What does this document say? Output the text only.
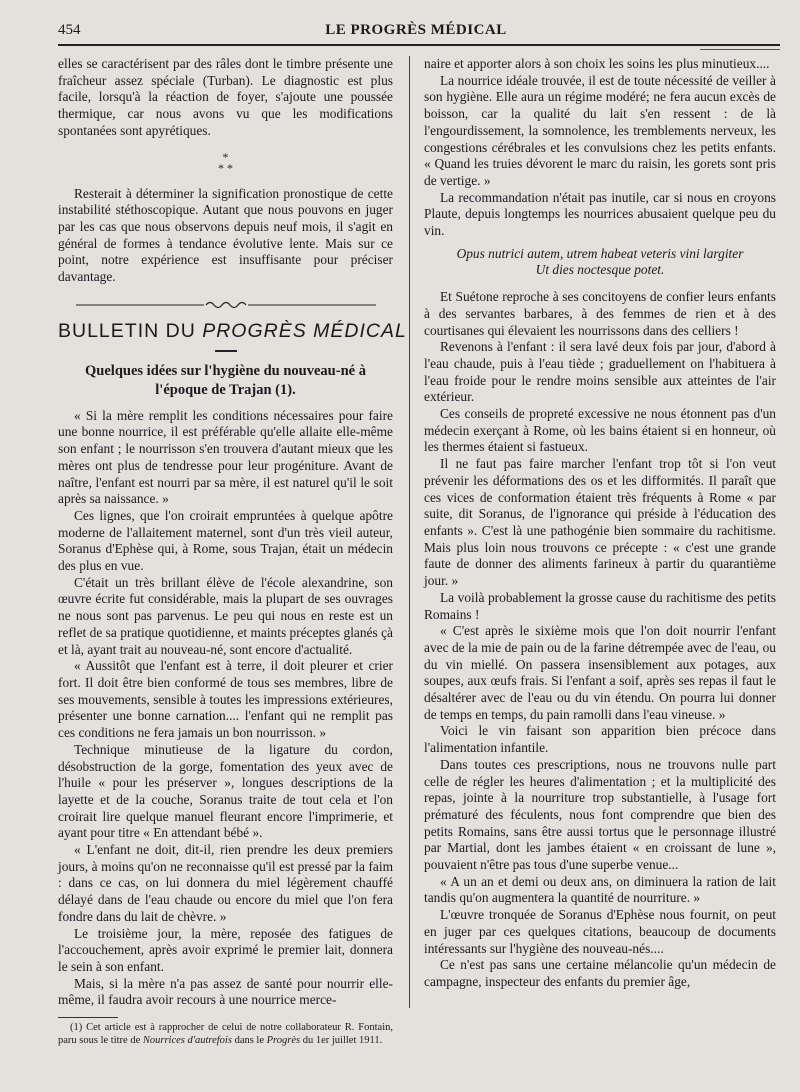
454	LE PROGRÈS MÉDICAL

elles se caractérisent par des râles dont le timbre présente une fraîcheur assez spéciale (Turban). Le diagnostic est plus facile, lorsqu'à la réaction de foyer, s'ajoute une poussée thermique, car nous avons vu que les modifications spontanées sont apyrétiques.

*
* *

Resterait à déterminer la signification pronostique de cette instabilité stéthoscopique. Autant que nous pouvons en juger par les cas que nous observons depuis neuf mois, il s'agit en général de formes à tendance évolutive lente. Mais sur ce point, notre expérience est insuffisante pour préciser davantage.

BULLETIN DU PROGRÈS MÉDICAL
Quelques idées sur l'hygiène du nouveau-né à l'époque de Trajan (1).

« Si la mère remplit les conditions nécessaires pour faire une bonne nourrice, il est préférable qu'elle allaite elle-même son enfant ; le nourrisson s'en trouvera d'autant mieux que les mères ont plus de tendresse pour leur progéniture. Avant de naître, l'enfant est nourri par sa mère, il est naturel qu'il le soit après sa naissance. »

Ces lignes, que l'on croirait empruntées à quelque apôtre moderne de l'allaitement maternel, sont d'un très vieil auteur, Soranus d'Ephèse qui, à Rome, sous Trajan, était un médecin des plus en vue.

C'était un très brillant élève de l'école alexandrine, son œuvre écrite fut considérable, mais la plupart de ses ouvrages ne nous sont pas parvenus. Le peu qui nous en reste est un reflet de sa pratique quotidienne, et maints préceptes glanés çà et là, ayant trait au nouveau-né, sont encore d'actualité.

« Aussitôt que l'enfant est à terre, il doit pleurer et crier fort. Il doit être bien conformé de tous ses membres, libre de ses mouvements, sensible à toutes les impressions extérieures, présenter une bonne carnation.... l'enfant qui ne remplit pas ces conditions ne fera jamais un bon nourrisson. »

Technique minutieuse de la ligature du cordon, désobstruction de la gorge, fomentation des yeux avec de l'huile « pour les préserver », longues descriptions de la layette et de la couche, Soranus traite de tout cela et l'on croirait lire quelque manuel fleurant encore l'imprimerie, et ayant pour titre « En attendant bébé ».

« L'enfant ne doit, dit-il, rien prendre les deux premiers jours, à moins qu'on ne reconnaisse qu'il est pressé par la faim : dans ce cas, on lui donnera du miel légèrement chauffé délayé dans de l'eau chaude ou encore du miel que l'on fera fondre dans du lait de chèvre. »

Le troisième jour, la mère, reposée des fatigues de l'accouchement, après avoir exprimé le premier lait, donnera le sein à son enfant.

Mais, si la mère n'a pas assez de santé pour nourrir elle-même, il faudra avoir recours à une nourrice merce-

(1) Cet article est à rapprocher de celui de notre collaborateur R. Fontain, paru sous le titre de Nourrices d'autrefois dans le Progrès du 1er juillet 1911.

naire et apporter alors à son choix les soins les plus minutieux....

La nourrice idéale trouvée, il est de toute nécessité de veiller à son hygiène. Elle aura un régime modéré; ne fera aucun excès de boisson, car la qualité du lait s'en ressent : de là l'engourdissement, la somnolence, les tremblements nerveux, les congestions cérébrales et les convulsions chez les petits enfants. « Quand les truies dévorent le marc du raisin, les gorets sont pris de vertige. »

La recommandation n'était pas inutile, car si nous en croyons Plaute, depuis longtemps les nourrices abusaient quelque peu du vin.

Opus nutrici autem, utrem habeat veteris vini largiter
Ut dies noctesque potet.

Et Suétone reproche à ses concitoyens de confier leurs enfants à des servantes barbares, à des femmes de rien et à des courtisanes qui élevaient les nourrissons dans des celliers !

Revenons à l'enfant : il sera lavé deux fois par jour, d'abord à l'eau chaude, puis à l'eau tiède ; graduellement on l'habituera à l'eau froide pour le rendre moins sensible aux atteintes de l'air extérieur.

Ces conseils de propreté excessive ne nous étonnent pas d'un médecin exerçant à Rome, où les bains étaient si en honneur, où les thermes étaient si fastueux.

Il ne faut pas faire marcher l'enfant trop tôt si l'on veut prévenir les déformations des os et les difformités. Il paraît que ces vices de conformation étaient très fréquents à Rome « par suite, dit Soranus, de l'ignorance qui préside à l'éducation des enfants ». C'est là une pathogénie bien sommaire du rachitisme. Mais plus loin nous trouvons ce précepte : « c'est une grande faute de donner des aliments farineux à partir du quarantième jour. »

La voilà probablement la grosse cause du rachitisme des petits Romains !

« C'est après le sixième mois que l'on doit nourrir l'enfant avec de la mie de pain ou de la farine détrempée avec de l'eau, ou du vin miellé. On passera insensiblement aux potages, aux soupes, aux œufs frais. Si l'enfant a soif, après ses repas il faut le désaltérer avec de l'eau ou du vin étendu. On pourra lui donner de temps en temps, du pain ramolli dans l'eau vineuse. »

Voici le vin faisant son apparition bien précoce dans l'alimentation infantile.

Dans toutes ces prescriptions, nous ne trouvons nulle part celle de régler les heures d'alimentation ; et la multiplicité des repas, jointe à la nourriture trop substantielle, à l'usage fort prématuré des féculents, nous font comprendre que bien des petits Romains, sans être aussi tortus que le personnage illustré par Martial, dont les jambes étaient « en croissant de lune », pouvaient n'être pas tous d'une superbe venue...

« A un an et demi ou deux ans, on diminuera la ration de lait tandis qu'on augmentera la quantité de nourriture. »

L'œuvre tronquée de Soranus d'Ephèse nous fournit, on peut en juger par ces quelques citations, beaucoup de documents intéressants sur l'hygiène des nouveau-nés....

Ce n'est pas sans une certaine mélancolie qu'un médecin de campagne, inspecteur des enfants du premier âge,
